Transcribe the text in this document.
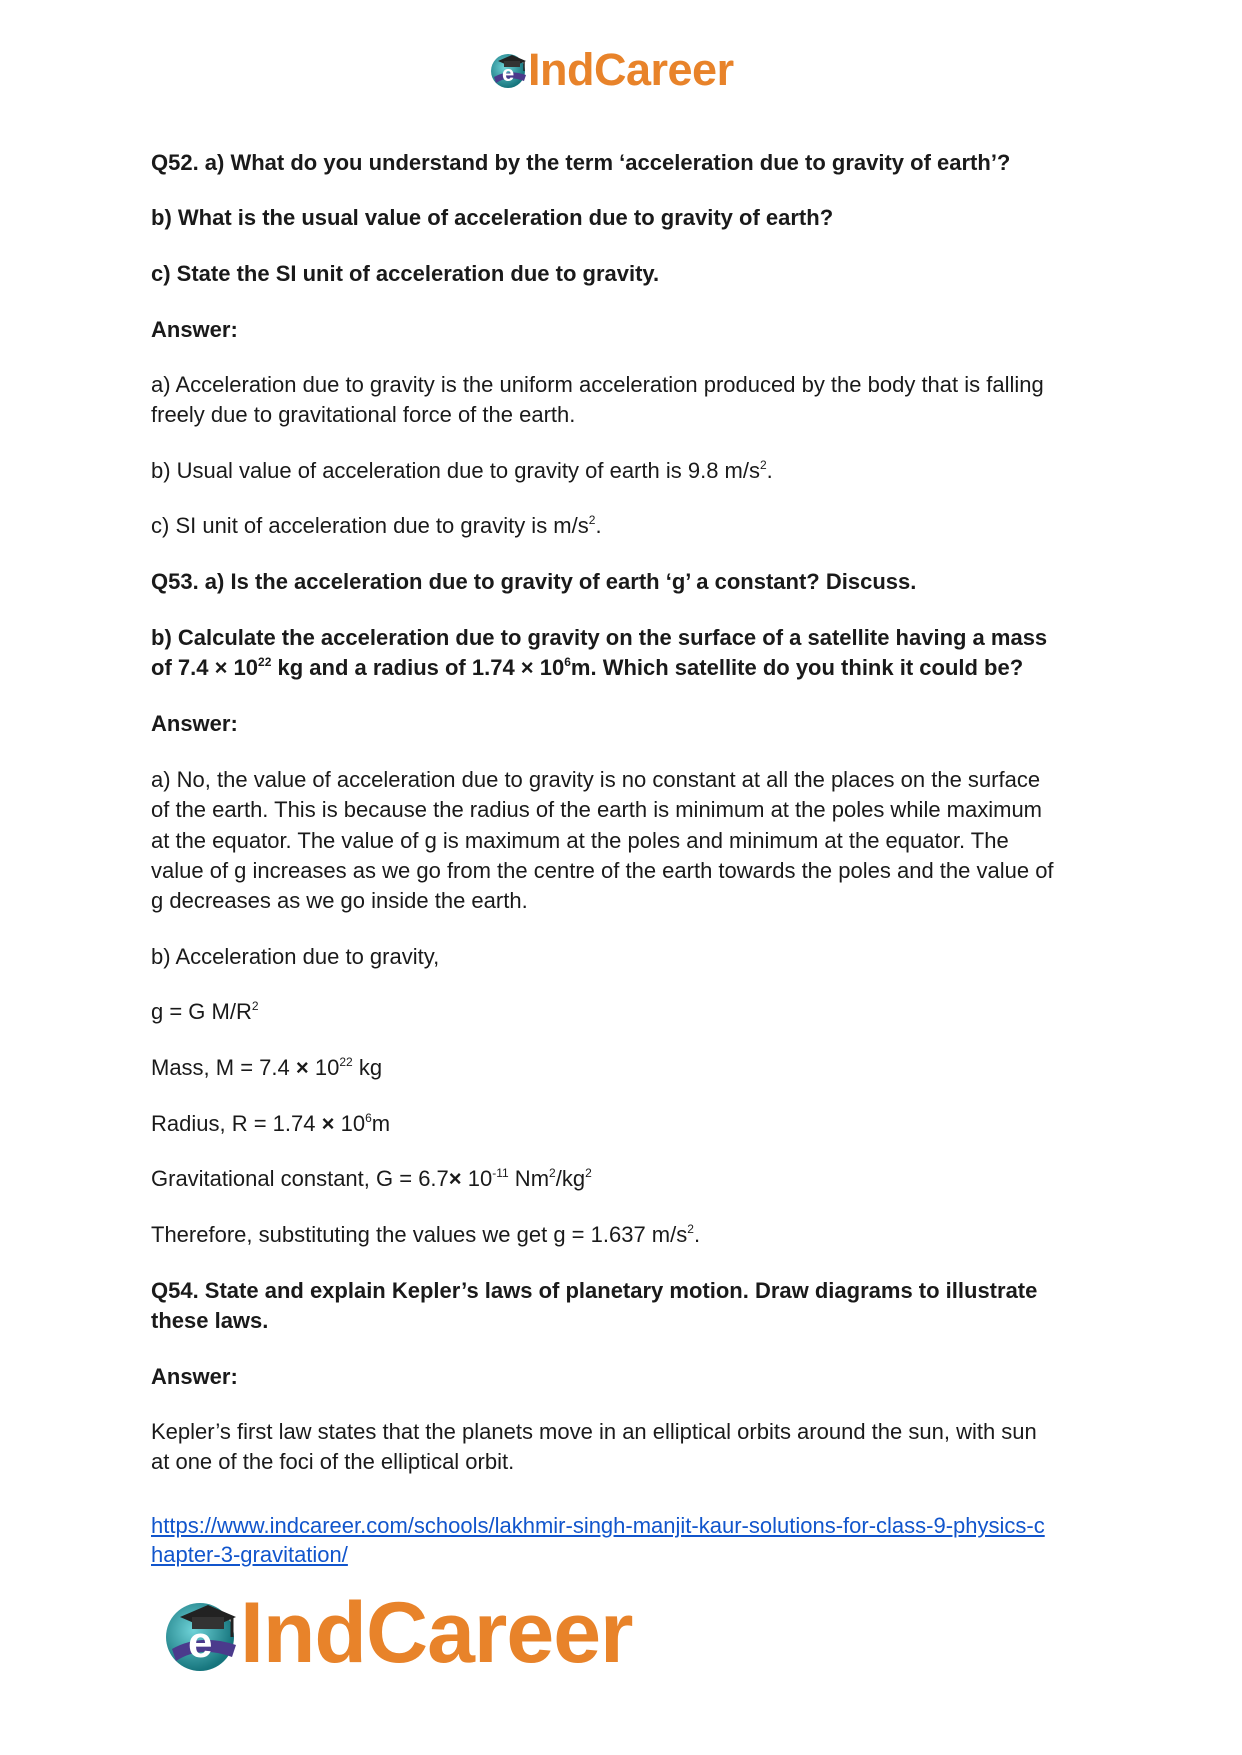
e IndCareer
Q52. a) What do you understand by the term ‘acceleration due to gravity of earth’?
b) What is the usual value of acceleration due to gravity of earth?
c) State the SI unit of acceleration due to gravity.
Answer:
a) Acceleration due to gravity is the uniform acceleration produced by the body that is falling
freely due to gravitational force of the earth.
b) Usual value of acceleration due to gravity of earth is 9.8 $m/s^2$.
c) SI unit of acceleration due to gravity is $m/s^2$.
Q53. a) Is the acceleration due to gravity of earth ‘g’ a constant? Discuss.
b) Calculate the acceleration due to gravity on the surface of a satellite having a mass
of $7.4 \times 10^{22}$ kg and a radius of $1.74 \times 10^6m$. Which satellite do you think it could be?
Answer:
a) No, the value of acceleration due to gravity is no constant at all the places on the surface
of the earth. This is because the radius of the earth is minimum at the poles while maximum
at the equator. The value of g is maximum at the poles and minimum at the equator. The
value of g increases as we go from the centre of the earth towards the poles and the value of
g decreases as we go inside the earth.
b) Acceleration due to gravity,
g = G $M/R^2$
Mass, $M = 7.4 \times 10^{22}$ kg
Radius, $R = 1.74 \times 10^6m$
Gravitational constant, $G = 6.7\times 10^{-11}$ $Nm^2/kg^2$
Therefore, substituting the values we get g = 1.637 $m/s^2$.
Q54. State and explain Kepler’s laws of planetary motion. Draw diagrams to illustrate
these laws.
Answer:
Kepler’s first law states that the planets move in an elliptical orbits around the sun, with sun
at one of the foci of the elliptical orbit.
https://www.indcareer.com/schools/lakhmir-singh-manjit-kaur-solutions-for-class-9-physics-c
hapter-3-gravitation/
e IndCareer
